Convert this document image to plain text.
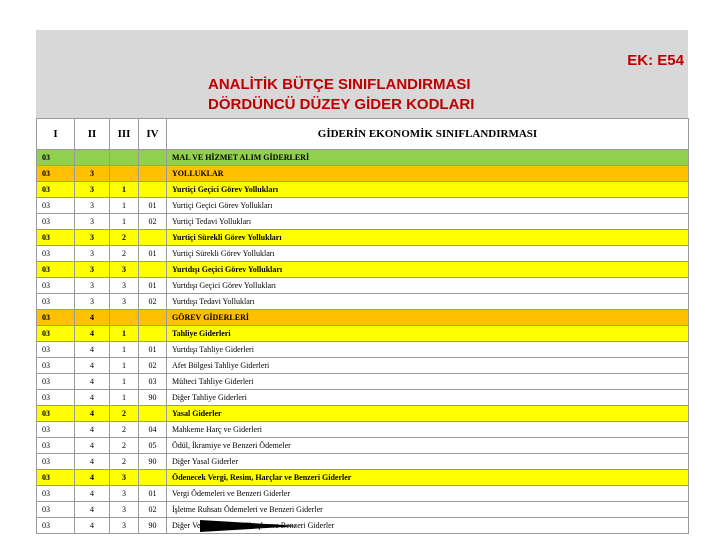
EK: E54
ANALİTİK BÜTÇE SINIFLANDIRMASI
DÖRDÜNCÜ DÜZEY GİDER KODLARI
I	II	III	IV	GİDERİN EKONOMİK SINIFLANDIRMASI
03				MAL VE HİZMET ALIM GİDERLERİ
03	3			YOLLUKLAR
03	3	1		Yurtiçi Geçici Görev Yollukları
03	3	1	01	Yurtiçi Geçici Görev Yollukları
03	3	1	02	Yurtiçi Tedavi Yollukları
03	3	2		Yurtiçi Sürekli Görev Yollukları
03	3	2	01	Yurtiçi Sürekli Görev Yollukları
03	3	3		Yurtdışı Geçici Görev Yollukları
03	3	3	01	Yurtdışı Geçici Görev Yollukları
03	3	3	02	Yurtdışı Tedavi Yollukları
03	4			GÖREV GİDERLERİ
03	4	1		Tahliye Giderleri
03	4	1	01	Yurtdışı Tahliye Giderleri
03	4	1	02	Afet Bölgesi Tahliye Giderleri
03	4	1	03	Mülteci Tahliye Giderleri
03	4	1	90	Diğer Tahliye Giderleri
03	4	2		Yasal Giderler
03	4	2	04	Mahkeme Harç ve Giderleri
03	4	2	05	Ödül, İkramiye ve Benzeri Ödemeler
03	4	2	90	Diğer Yasal Giderler
03	4	3		Ödenecek Vergi, Resim, Harçlar ve Benzeri Giderler
03	4	3	01	Vergi Ödemeleri ve Benzeri Giderler
03	4	3	02	İşletme Ruhsatı Ödemeleri ve Benzeri Giderler
03	4	3	90	Diğer Vergi, Resim ve Harçlar ve Benzeri Giderler
